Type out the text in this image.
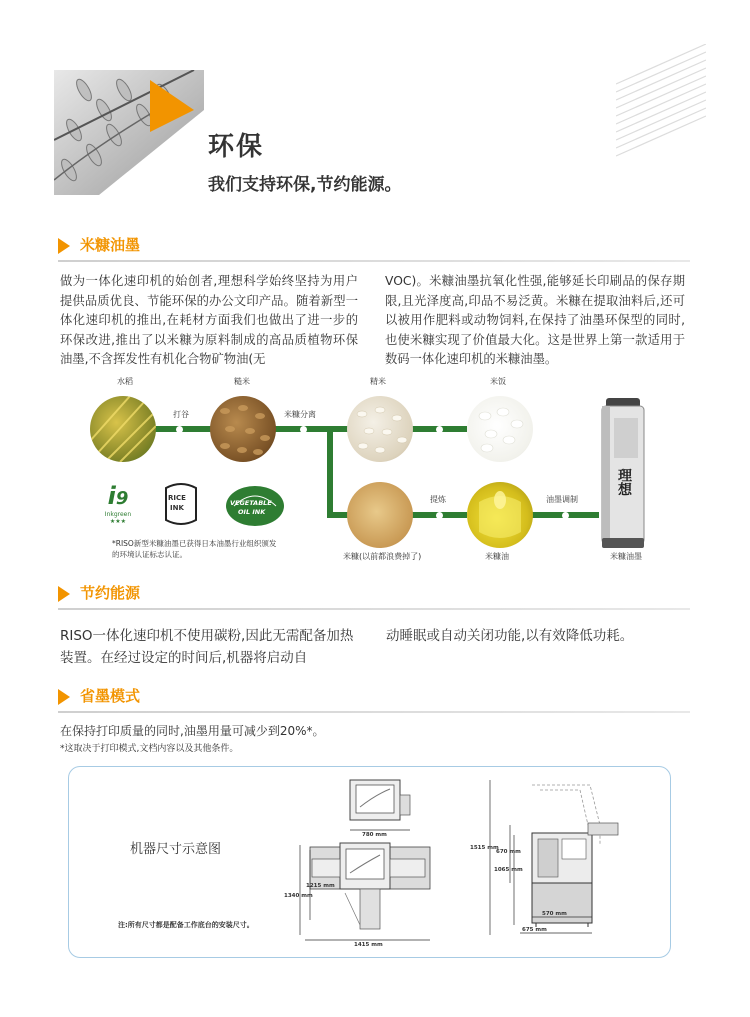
环保
我们支持环保,节约能源。
米糠油墨
做为一体化速印机的始创者,理想科学始终坚持为用户提供品质优良、节能环保的办公文印产品。随着新型一体化速印机的推出,在耗材方面我们也做出了进一步的环保改进,推出了以米糠为原料制成的高品质植物环保油墨,不含挥发性有机化合物矿物油(无
VOC)。米糠油墨抗氧化性强,能够延长印刷品的保存期限,且光泽度高,印品不易泛黄。米糠在提取油料后,还可以被用作肥料或动物饲料,在保持了油墨环保型的同时,也使米糠实现了价值最大化。这是世界上第一款适用于数码一体化速印机的米糠油墨。
打谷	米糠分离
提炼	油墨调制
水稻	糙米	精米	米饭
米糠(以前都浪费掉了)	米糠油	米糠油墨
理想
i9
Inkgreen
★★★
RICE
INK
VEGETABLE
OIL INK
*RISO新型米糠油墨已获得日本油墨行业组织颁发的环境认证标志认证。
节约能源
RISO一体化速印机不使用碳粉,因此无需配备加热装置。在经过设定的时间后,机器将启动自
动睡眠或自动关闭功能,以有效降低功耗。
省墨模式
在保持打印质量的同时,油墨用量可减少到20%*。
*这取决于打印模式,文档内容以及其他条件。
机器尺寸示意图
注:所有尺寸都是配备工作底台的安装尺寸。
780 mm
1415 mm
1215 mm
1340 mm
1515 mm
670 mm
1065 mm
570 mm
675 mm
